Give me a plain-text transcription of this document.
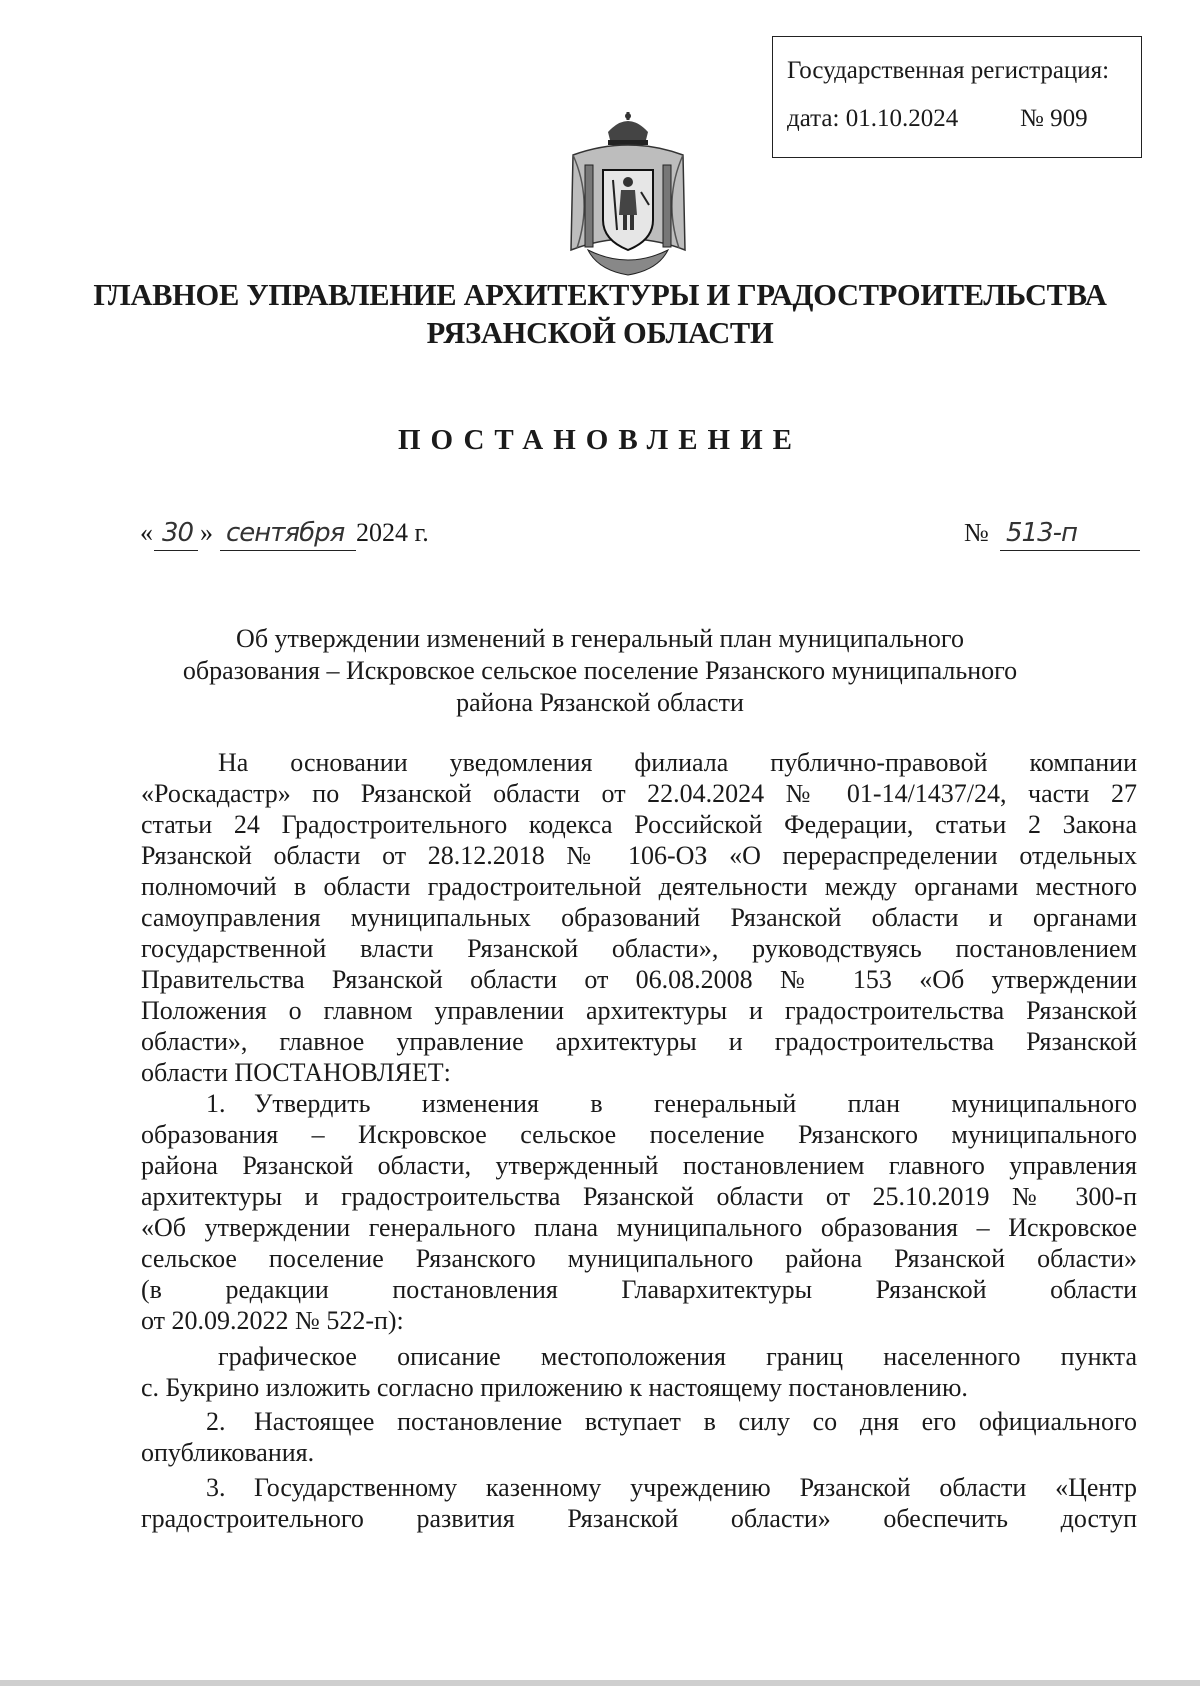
Государственная регистрация:
дата: 01.10.2024 № 909
ГЛАВНОЕ УПРАВЛЕНИЕ АРХИТЕКТУРЫ И ГРАДОСТРОИТЕЛЬСТВА
РЯЗАНСКОЙ ОБЛАСТИ
ПОСТАНОВЛЕНИЕ
« 30 » сентября 2024 г.	№ 513-п
Об утверждении изменений в генеральный план муниципального
образования – Искровское сельское поселение Рязанского муниципального
района Рязанской области
На основании уведомления филиала публично-правовой компании
«Роскадастр» по Рязанской области от 22.04.2024 № 01-14/1437/24, части 27
статьи 24 Градостроительного кодекса Российской Федерации, статьи 2 Закона
Рязанской области от 28.12.2018 № 106-ОЗ «О перераспределении отдельных
полномочий в области градостроительной деятельности между органами местного
самоуправления муниципальных образований Рязанской области и органами
государственной власти Рязанской области», руководствуясь постановлением
Правительства Рязанской области от 06.08.2008 № 153 «Об утверждении
Положения о главном управлении архитектуры и градостроительства Рязанской
области», главное управление архитектуры и градостроительства Рязанской
области ПОСТАНОВЛЯЕТ:
1. Утвердить изменения в генеральный план муниципального
образования – Искровское сельское поселение Рязанского муниципального
района Рязанской области, утвержденный постановлением главного управления
архитектуры и градостроительства Рязанской области от 25.10.2019 № 300-п
«Об утверждении генерального плана муниципального образования – Искровское
сельское поселение Рязанского муниципального района Рязанской области»
(в редакции постановления Главархитектуры Рязанской области
от 20.09.2022 № 522-п):
графическое описание местоположения границ населенного пункта
с. Букрино изложить согласно приложению к настоящему постановлению.
2. Настоящее постановление вступает в силу со дня его официального
опубликования.
3. Государственному казенному учреждению Рязанской области «Центр
градостроительного развития Рязанской области» обеспечить доступ
